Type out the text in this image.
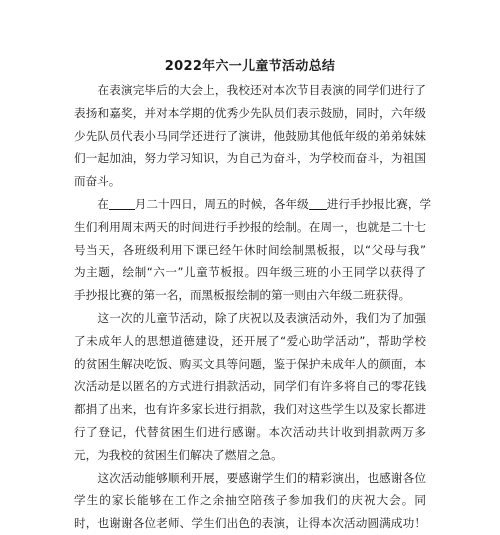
2022年六一儿童节活动总结

　　在表演完毕后的大会上，我校还对本次节目表演的同学们进行了
表扬和嘉奖，并对本学期的优秀少先队员们表示鼓励，同时，六年级
少先队员代表小马同学还进行了演讲，他鼓励其他低年级的弟弟妹妹
们一起加油，努力学习知识，为自己为奋斗，为学校而奋斗，为祖国
而奋斗。

　　在 月二十四日，周五的时候，各年级 进行手抄报比赛，学
生们利用周末两天的时间进行手抄报的绘制。在周一，也就是二十七
号当天，各班级利用下课已经午休时间绘制黑板报，以“父母与我”
为主题，绘制“六一”儿童节板报。四年级三班的小王同学以获得了
手抄报比赛的第一名，而黑板报绘制的第一则由六年级二班获得。

　　这一次的儿童节活动，除了庆祝以及表演活动外，我们为了加强
了未成年人的思想道德建设，还开展了“爱心助学活动”，帮助学校
的贫困生解决吃饭、购买文具等问题，鉴于保护未成年人的颜面，本
次活动是以匿名的方式进行捐款活动，同学们有许多将自己的零花钱
都捐了出来，也有许多家长进行捐款，我们对这些学生以及家长都进
行了登记，代替贫困生们进行感谢。本次活动共计收到捐款两万多
元，为我校的贫困生们解决了燃眉之急。

　　这次活动能够顺利开展，要感谢学生们的精彩演出，也感谢各位
学生的家长能够在工作之余抽空陪孩子参加我们的庆祝大会。同
时，也谢谢各位老师、学生们出色的表演，让得本次活动圆满成功！
